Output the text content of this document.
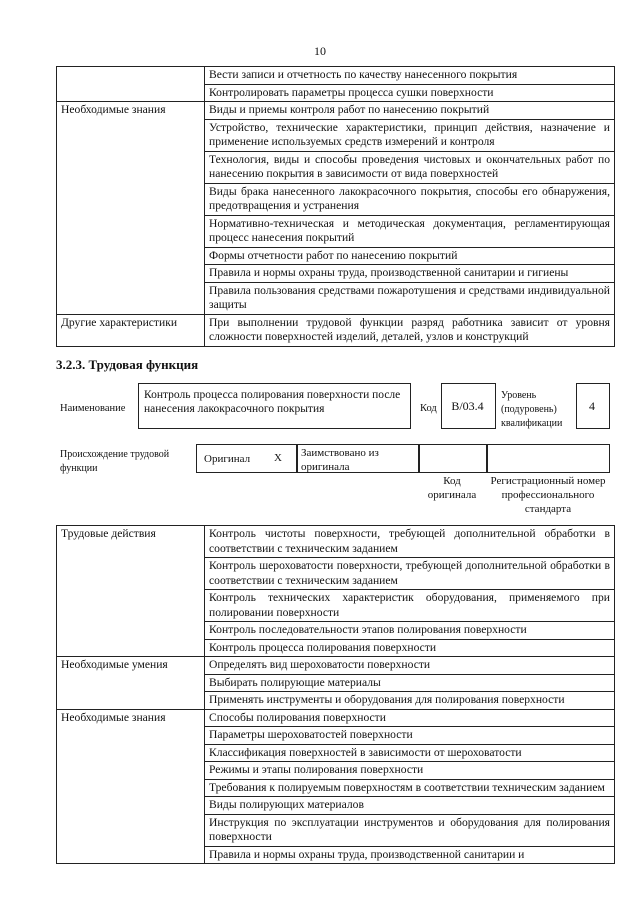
10
	Вести записи и отчетность по качеству нанесенного покрытия
	Контролировать параметры процесса сушки поверхности
Необходимые знания	Виды и приемы контроля работ по нанесению покрытий
	Устройство, технические характеристики, принцип действия, назначение и применение используемых средств измерений и контроля
	Технология, виды и способы проведения чистовых и окончательных работ по нанесению покрытия в зависимости от вида поверхностей
	Виды брака нанесенного лакокрасочного покрытия, способы его обнаружения, предотвращения и устранения
	Нормативно-техническая и методическая документация, регламентирующая процесс нанесения покрытий
	Формы отчетности работ по нанесению покрытий
	Правила и нормы охраны труда, производственной санитарии и гигиены
	Правила пользования средствами пожаротушения и средствами индивидуальной защиты
Другие характеристики	При выполнении трудовой функции разряд работника зависит от уровня сложности поверхностей изделий, деталей, узлов и конструкций
3.2.3. Трудовая функция
Наименование
Контроль процесса полирования поверхности после нанесения лакокрасочного покрытия	Код	В/03.4
Уровень (подуровень) квалификации
4
Происхождение трудовой функции
Оригинал X Заимствовано из оригинала
Код оригинала
Регистрационный номер профессионального стандарта
Трудовые действия	Контроль чистоты поверхности, требующей дополнительной обработки в соответствии с техническим заданием
	Контроль шероховатости поверхности, требующей дополнительной обработки в соответствии с техническим заданием
	Контроль технических характеристик оборудования, применяемого при полировании поверхности
	Контроль последовательности этапов полирования поверхности
	Контроль процесса полирования поверхности
Необходимые умения	Определять вид шероховатости поверхности
	Выбирать полирующие материалы
	Применять инструменты и оборудования для полирования поверхности
Необходимые знания	Способы полирования поверхности
	Параметры шероховатостей поверхности
	Классификация поверхностей в зависимости от шероховатости
	Режимы и этапы полирования поверхности
	Требования к полируемым поверхностям в соответствии техническим заданием
	Виды полирующих материалов
	Инструкция по эксплуатации инструментов и оборудования для полирования поверхности
	Правила и нормы охраны труда, производственной санитарии и
